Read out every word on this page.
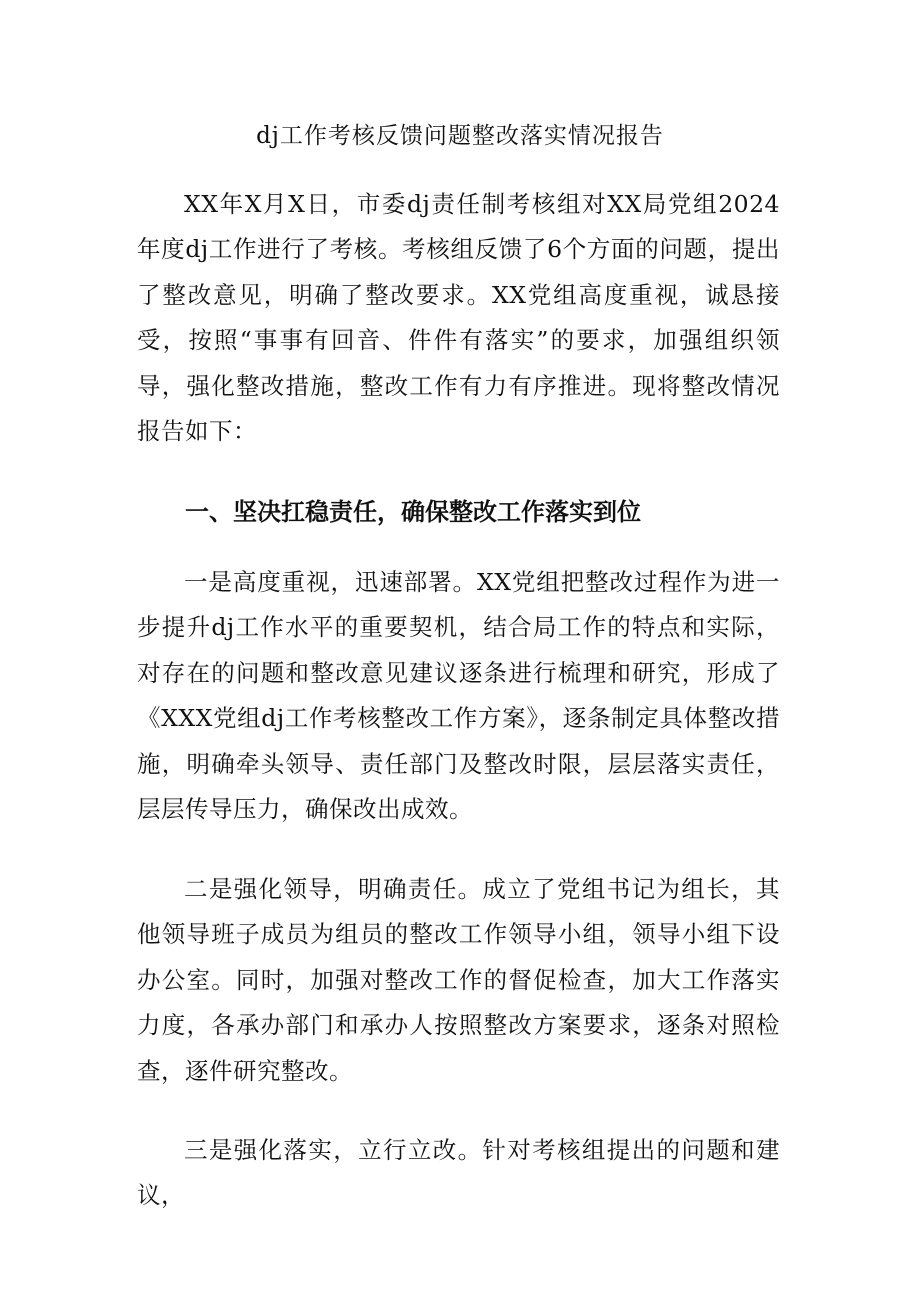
dj工作考核反馈问题整改落实情况报告

XX年X月X日，市委dj责任制考核组对XX局党组2024年度dj工作进行了考核。考核组反馈了6个方面的问题，提出了整改意见，明确了整改要求。XX党组高度重视，诚恳接受，按照“事事有回音、件件有落实”的要求，加强组织领导，强化整改措施，整改工作有力有序推进。现将整改情况报告如下：

一、坚决扛稳责任，确保整改工作落实到位

一是高度重视，迅速部署。XX党组把整改过程作为进一步提升dj工作水平的重要契机，结合局工作的特点和实际，对存在的问题和整改意见建议逐条进行梳理和研究，形成了《XXX党组dj工作考核整改工作方案》，逐条制定具体整改措施，明确牵头领导、责任部门及整改时限，层层落实责任，层层传导压力，确保改出成效。

二是强化领导，明确责任。成立了党组书记为组长，其他领导班子成员为组员的整改工作领导小组，领导小组下设办公室。同时，加强对整改工作的督促检查，加大工作落实力度，各承办部门和承办人按照整改方案要求，逐条对照检查，逐件研究整改。

三是强化落实，立行立改。针对考核组提出的问题和建议，
